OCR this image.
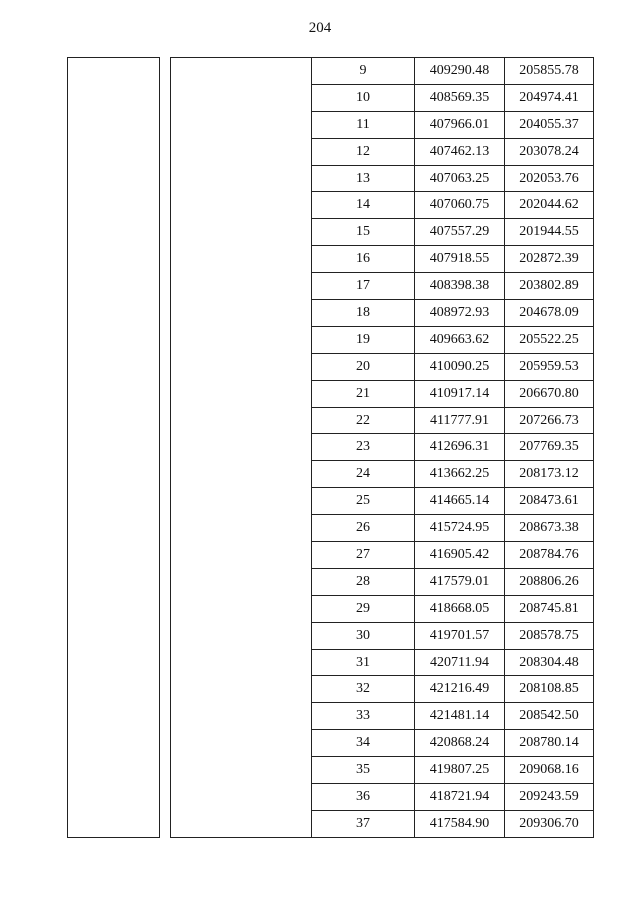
204
			9	409290.48	205855.78
			10	408569.35	204974.41
			11	407966.01	204055.37
			12	407462.13	203078.24
			13	407063.25	202053.76
			14	407060.75	202044.62
			15	407557.29	201944.55
			16	407918.55	202872.39
			17	408398.38	203802.89
			18	408972.93	204678.09
			19	409663.62	205522.25
			20	410090.25	205959.53
			21	410917.14	206670.80
			22	411777.91	207266.73
			23	412696.31	207769.35
			24	413662.25	208173.12
			25	414665.14	208473.61
			26	415724.95	208673.38
			27	416905.42	208784.76
			28	417579.01	208806.26
			29	418668.05	208745.81
			30	419701.57	208578.75
			31	420711.94	208304.48
			32	421216.49	208108.85
			33	421481.14	208542.50
			34	420868.24	208780.14
			35	419807.25	209068.16
			36	418721.94	209243.59
			37	417584.90	209306.70
